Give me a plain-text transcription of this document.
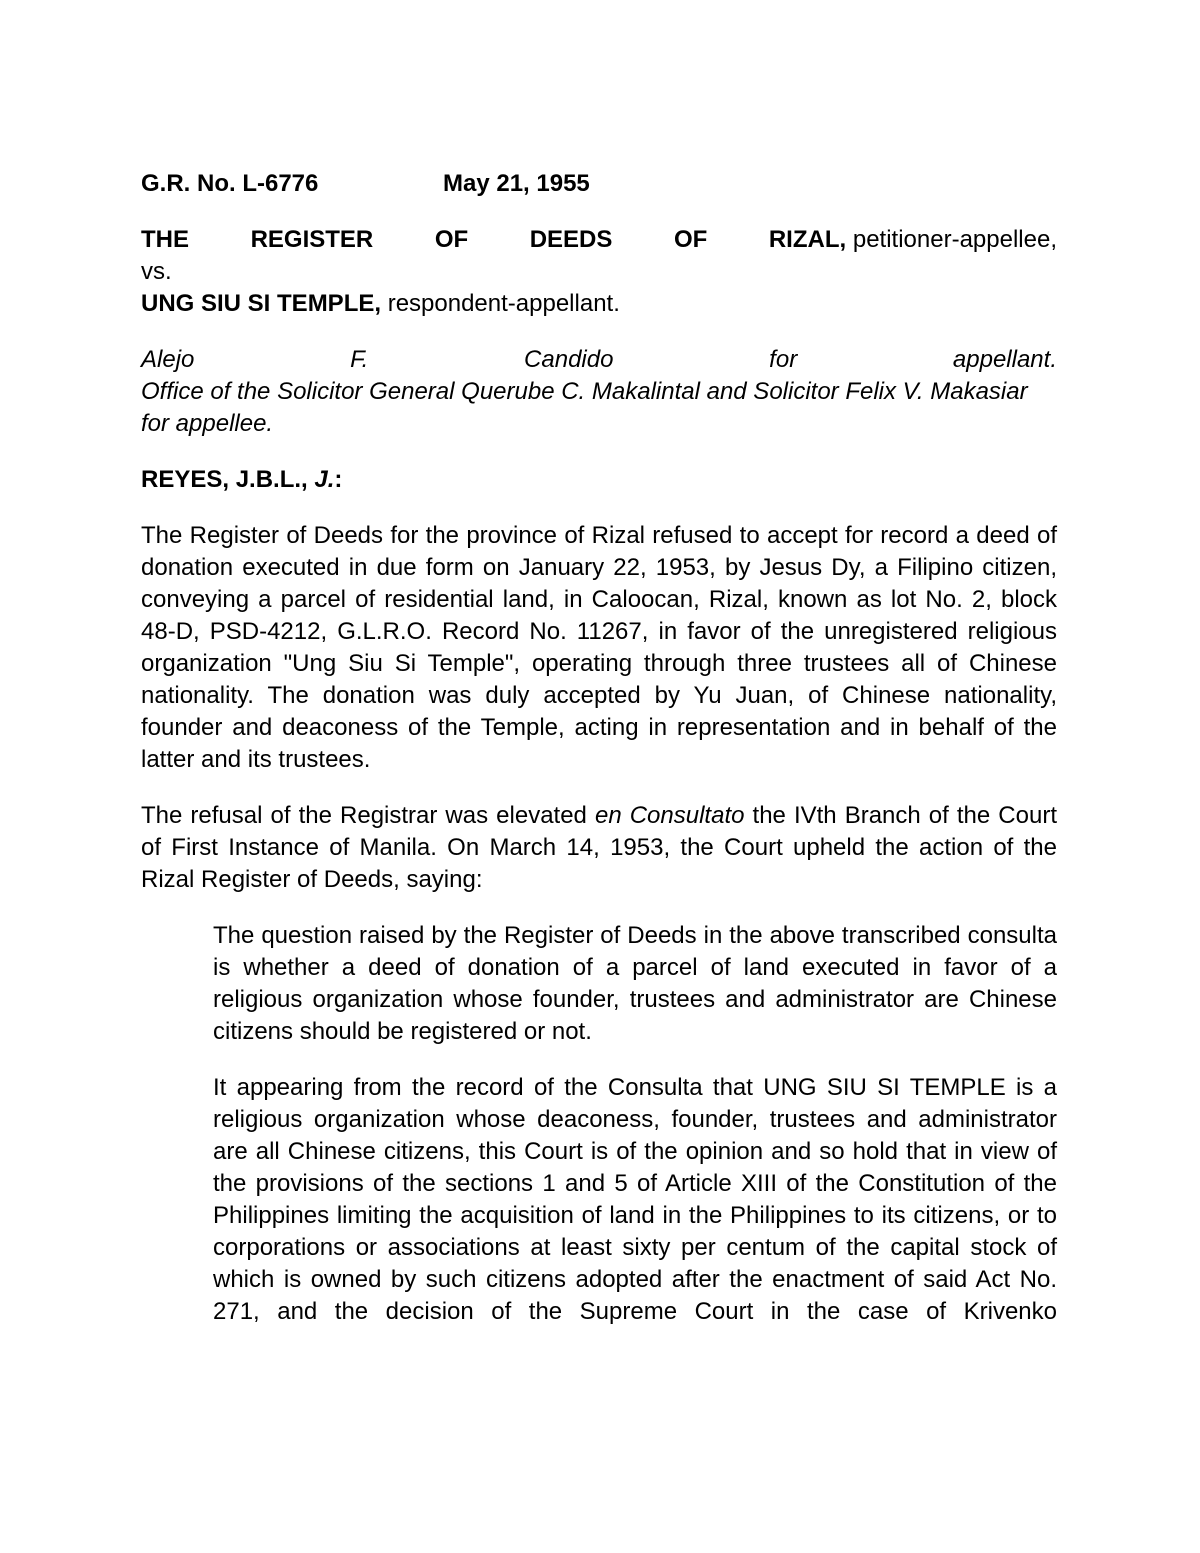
G.R. No. L-6776	May 21, 1955
THE	REGISTER	OF	DEEDS	OF	RIZAL, petitioner-appellee,
vs.
UNG SIU SI TEMPLE, respondent-appellant.
Alejo	F.	Candido	for	appellant.
Office of the Solicitor General Querube C. Makalintal and Solicitor Felix V. Makasiar for appellee.
REYES, J.B.L., J.:

The Register of Deeds for the province of Rizal refused to accept for record a deed of donation executed in due form on January 22, 1953, by Jesus Dy, a Filipino citizen, conveying a parcel of residential land, in Caloocan, Rizal, known as lot No. 2, block 48-D, PSD-4212, G.L.R.O. Record No. 11267, in favor of the unregistered religious organization "Ung Siu Si Temple", operating through three trustees all of Chinese nationality. The donation was duly accepted by Yu Juan, of Chinese nationality, founder and deaconess of the Temple, acting in representation and in behalf of the latter and its trustees.

The refusal of the Registrar was elevated en Consultato the IVth Branch of the Court of First Instance of Manila. On March 14, 1953, the Court upheld the action of the Rizal Register of Deeds, saying:

The question raised by the Register of Deeds in the above transcribed consulta is whether a deed of donation of a parcel of land executed in favor of a religious organization whose founder, trustees and administrator are Chinese citizens should be registered or not.
It appearing from the record of the Consulta that UNG SIU SI TEMPLE is a religious organization whose deaconess, founder, trustees and administrator are all Chinese citizens, this Court is of the opinion and so hold that in view of the provisions of the sections 1 and 5 of Article XIII of the Constitution of the Philippines limiting the acquisition of land in the Philippines to its citizens, or to corporations or associations at least sixty per centum of the capital stock of which is owned by such citizens adopted after the enactment of said Act No. 271, and the decision of the Supreme Court in the case of Krivenko
